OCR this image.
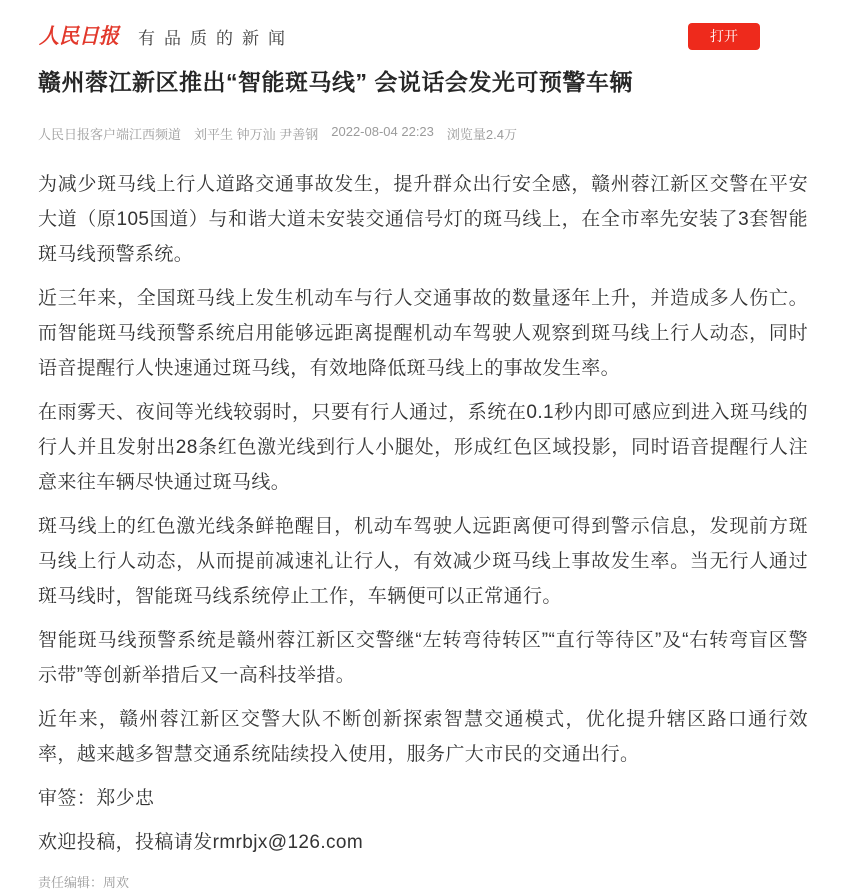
人民日报 有品质的新闻	打开
赣州蓉江新区推出“智能斑马线” 会说话会发光可预警车辆
人民日报客户端江西频道 刘平生 钟万汕 尹善钢 2022-08-04 22:23 浏览量2.4万

为减少斑马线上行人道路交通事故发生，提升群众出行安全感，赣州蓉江新区交警在平安大道（原105国道）与和谐大道未安装交通信号灯的斑马线上，在全市率先安装了3套智能斑马线预警系统。

近三年来，全国斑马线上发生机动车与行人交通事故的数量逐年上升，并造成多人伤亡。而智能斑马线预警系统启用能够远距离提醒机动车驾驶人观察到斑马线上行人动态，同时语音提醒行人快速通过斑马线，有效地降低斑马线上的事故发生率。

在雨雾天、夜间等光线较弱时，只要有行人通过，系统在0.1秒内即可感应到进入斑马线的行人并且发射出28条红色激光线到行人小腿处，形成红色区域投影，同时语音提醒行人注意来往车辆尽快通过斑马线。

斑马线上的红色激光线条鲜艳醒目，机动车驾驶人远距离便可得到警示信息，发现前方斑马线上行人动态，从而提前减速礼让行人，有效减少斑马线上事故发生率。当无行人通过斑马线时，智能斑马线系统停止工作，车辆便可以正常通行。

智能斑马线预警系统是赣州蓉江新区交警继“左转弯待转区”“直行等待区”及“右转弯盲区警示带”等创新举措后又一高科技举措。

近年来，赣州蓉江新区交警大队不断创新探索智慧交通模式，优化提升辖区路口通行效率，越来越多智慧交通系统陆续投入使用，服务广大市民的交通出行。

审签：郑少忠

欢迎投稿，投稿请发rmrbjx@126.com

责任编辑：周欢
